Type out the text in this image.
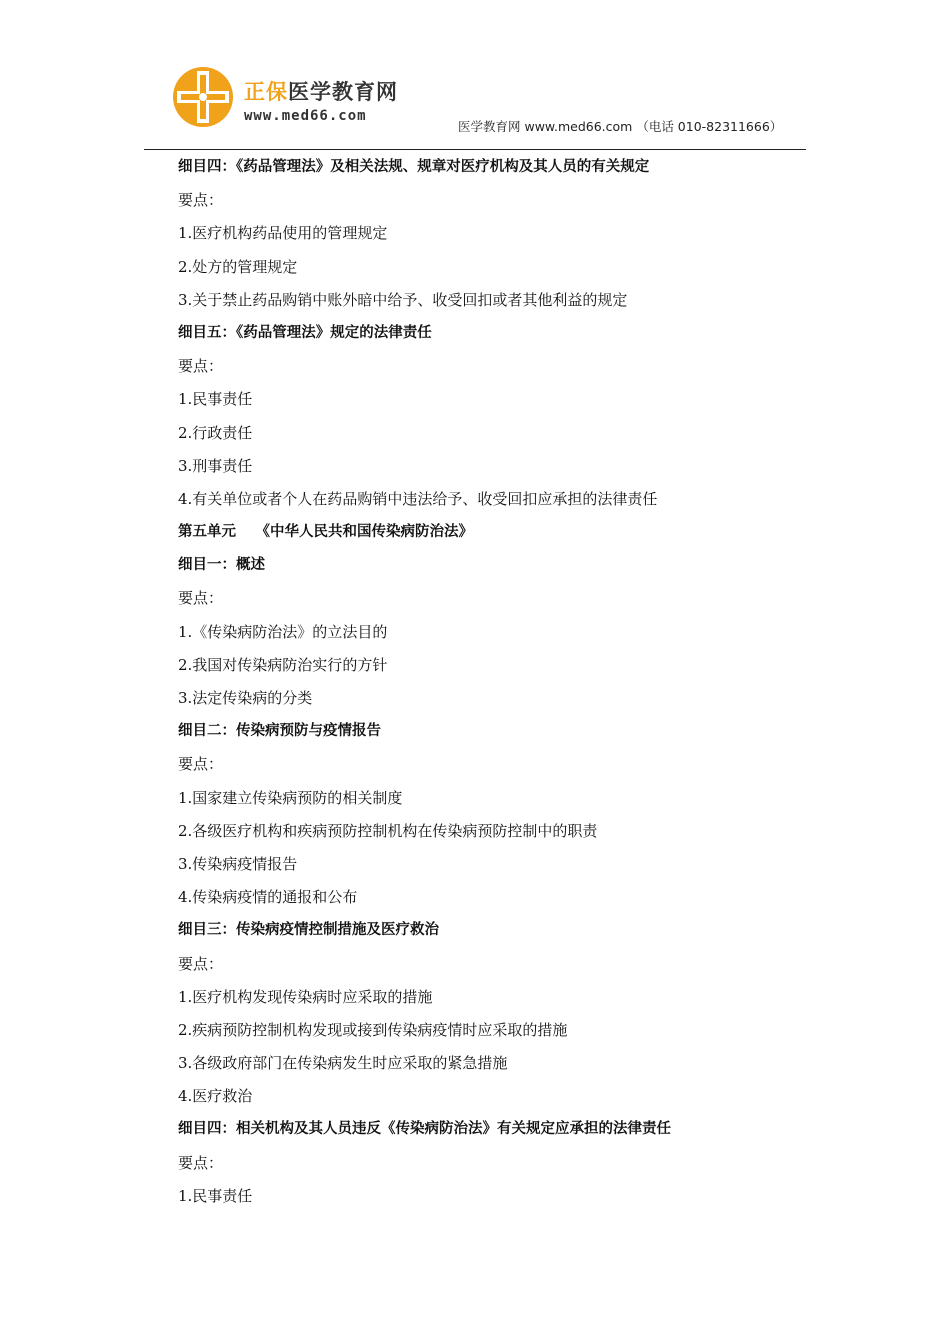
正保医学教育网
www.med66.com
医学教育网 www.med66.com （电话 010-82311666）
细目四：《药品管理法》及相关法规、规章对医疗机构及其人员的有关规定
要点：
1.医疗机构药品使用的管理规定
2.处方的管理规定
3.关于禁止药品购销中账外暗中给予、收受回扣或者其他利益的规定
细目五：《药品管理法》规定的法律责任
要点：
1.民事责任
2.行政责任
3.刑事责任
4.有关单位或者个人在药品购销中违法给予、收受回扣应承担的法律责任
第五单元　 《中华人民共和国传染病防治法》
细目一：概述
要点：
1.《传染病防治法》的立法目的
2.我国对传染病防治实行的方针
3.法定传染病的分类
细目二：传染病预防与疫情报告
要点：
1.国家建立传染病预防的相关制度
2.各级医疗机构和疾病预防控制机构在传染病预防控制中的职责
3.传染病疫情报告
4.传染病疫情的通报和公布
细目三：传染病疫情控制措施及医疗救治
要点：
1.医疗机构发现传染病时应采取的措施
2.疾病预防控制机构发现或接到传染病疫情时应采取的措施
3.各级政府部门在传染病发生时应采取的紧急措施
4.医疗救治
细目四：相关机构及其人员违反《传染病防治法》有关规定应承担的法律责任
要点：
1.民事责任
